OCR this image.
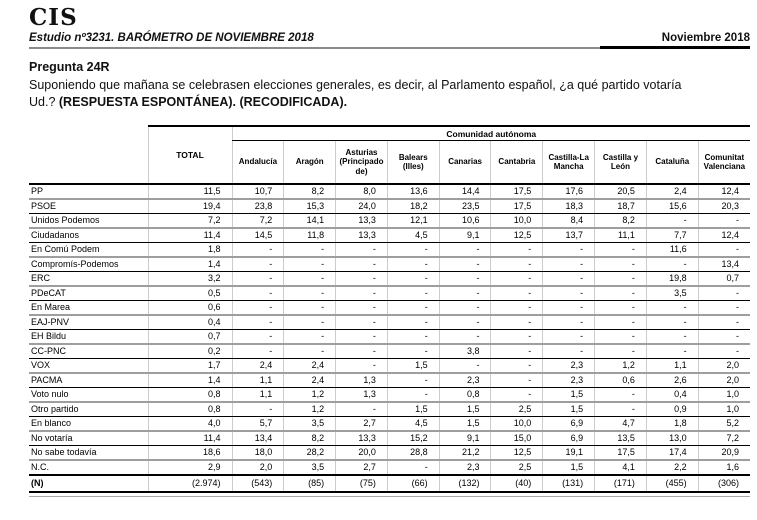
CIS
Estudio nº3231. BARÓMETRO DE NOVIEMBRE 2018	Noviembre 2018
Pregunta 24R
Suponiendo que mañana se celebrasen elecciones generales, es decir, al Parlamento español, ¿a qué partido votaría
Ud.? (RESPUESTA ESPONTÁNEA). (RECODIFICADA).
	TOTAL	Comunidad autónoma									
		Andalucía	Aragón	Asturias (Principado de)	Balears (Illes)	Canarias	Cantabria	Castilla-La Mancha	Castilla y León	Cataluña	Comunitat Valenciana
PP	11,5	10,7	8,2	8,0	13,6	14,4	17,5	17,6	20,5	2,4	12,4
PSOE	19,4	23,8	15,3	24,0	18,2	23,5	17,5	18,3	18,7	15,6	20,3
Unidos Podemos	7,2	7,2	14,1	13,3	12,1	10,6	10,0	8,4	8,2	-	-
Ciudadanos	11,4	14,5	11,8	13,3	4,5	9,1	12,5	13,7	11,1	7,7	12,4
En Comú Podem	1,8	-	-	-	-	-	-	-	-	11,6	-
Compromís-Podemos	1,4	-	-	-	-	-	-	-	-	-	13,4
ERC	3,2	-	-	-	-	-	-	-	-	19,8	0,7
PDeCAT	0,5	-	-	-	-	-	-	-	-	3,5	-
En Marea	0,6	-	-	-	-	-	-	-	-	-	-
EAJ-PNV	0,4	-	-	-	-	-	-	-	-	-	-
EH Bildu	0,7	-	-	-	-	-	-	-	-	-	-
CC-PNC	0,2	-	-	-	-	3,8	-	-	-	-	-
VOX	1,7	2,4	2,4	-	1,5	-	-	2,3	1,2	1,1	2,0
PACMA	1,4	1,1	2,4	1,3	-	2,3	-	2,3	0,6	2,6	2,0
Voto nulo	0,8	1,1	1,2	1,3	-	0,8	-	1,5	-	0,4	1,0
Otro partido	0,8	-	1,2	-	1,5	1,5	2,5	1,5	-	0,9	1,0
En blanco	4,0	5,7	3,5	2,7	4,5	1,5	10,0	6,9	4,7	1,8	5,2
No votaría	11,4	13,4	8,2	13,3	15,2	9,1	15,0	6,9	13,5	13,0	7,2
No sabe todavía	18,6	18,0	28,2	20,0	28,8	21,2	12,5	19,1	17,5	17,4	20,9
N.C.	2,9	2,0	3,5	2,7	-	2,3	2,5	1,5	4,1	2,2	1,6
(N)	(2.974)	(543)	(85)	(75)	(66)	(132)	(40)	(131)	(171)	(455)	(306)
